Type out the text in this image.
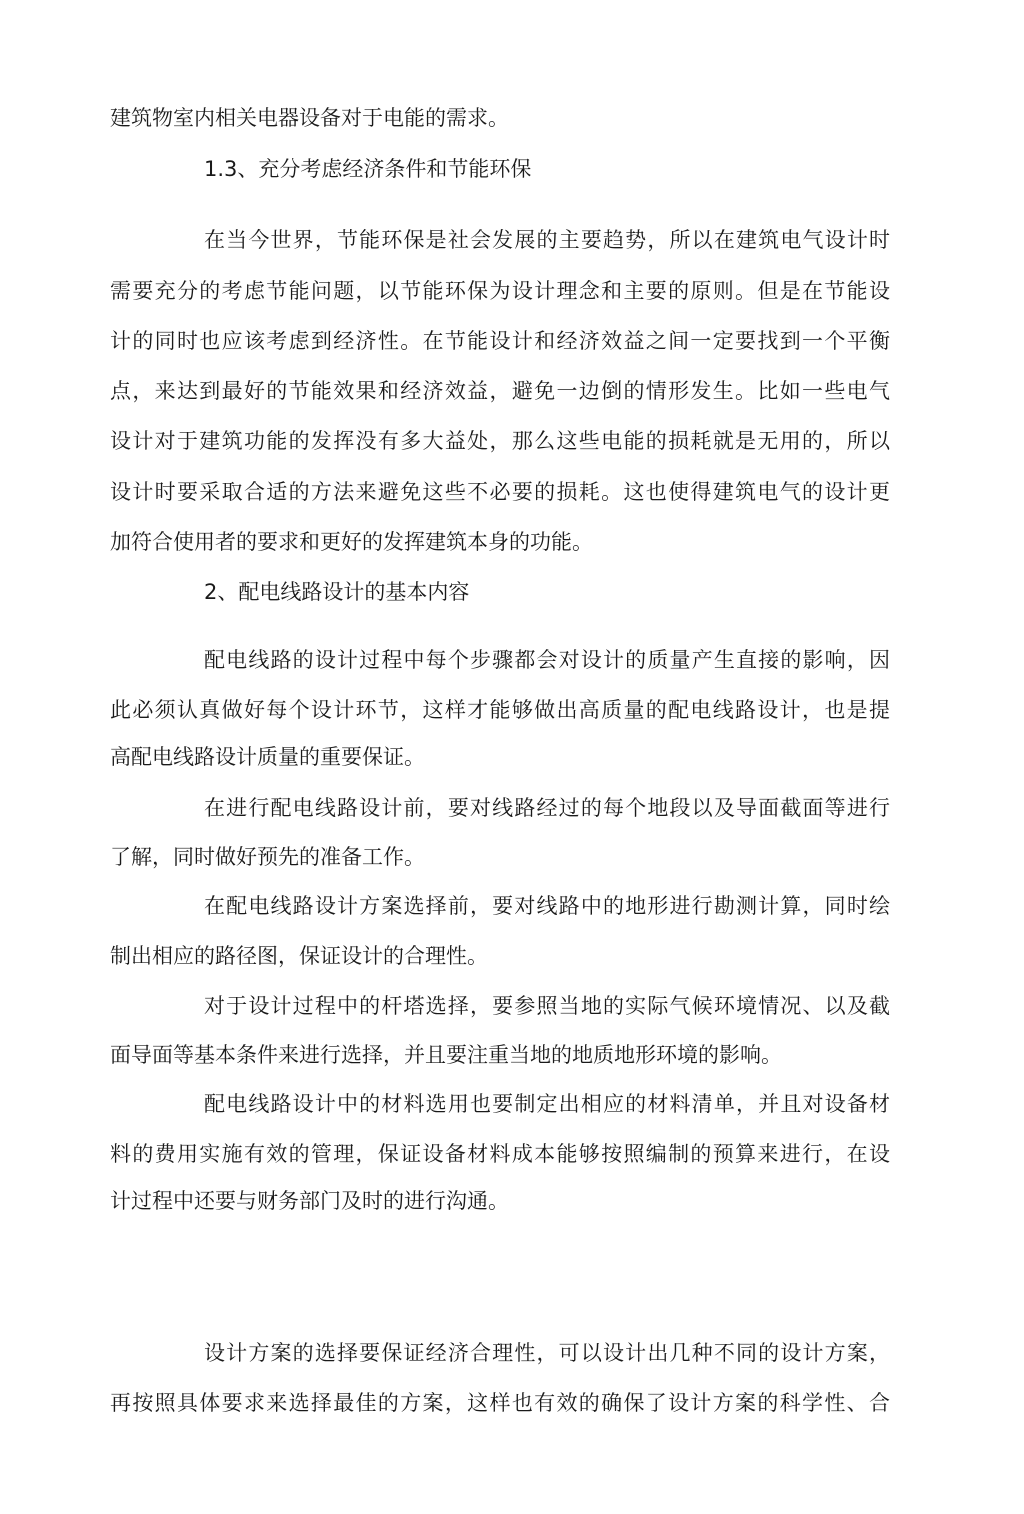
建筑物室内相关电器设备对于电能的需求。

1.3、充分考虑经济条件和节能环保

在当今世界，节能环保是社会发展的主要趋势，所以在建筑电气设计时

需要充分的考虑节能问题，以节能环保为设计理念和主要的原则。但是在节能设

计的同时也应该考虑到经济性。在节能设计和经济效益之间一定要找到一个平衡

点，来达到最好的节能效果和经济效益，避免一边倒的情形发生。比如一些电气

设计对于建筑功能的发挥没有多大益处，那么这些电能的损耗就是无用的，所以

设计时要采取合适的方法来避免这些不必要的损耗。这也使得建筑电气的设计更

加符合使用者的要求和更好的发挥建筑本身的功能。

2、配电线路设计的基本内容

配电线路的设计过程中每个步骤都会对设计的质量产生直接的影响，因

此必须认真做好每个设计环节，这样才能够做出高质量的配电线路设计，也是提

高配电线路设计质量的重要保证。

在进行配电线路设计前，要对线路经过的每个地段以及导面截面等进行

了解，同时做好预先的准备工作。

在配电线路设计方案选择前，要对线路中的地形进行勘测计算，同时绘

制出相应的路径图，保证设计的合理性。

对于设计过程中的杆塔选择，要参照当地的实际气候环境情况、以及截

面导面等基本条件来进行选择，并且要注重当地的地质地形环境的影响。

配电线路设计中的材料选用也要制定出相应的材料清单，并且对设备材

料的费用实施有效的管理，保证设备材料成本能够按照编制的预算来进行，在设

计过程中还要与财务部门及时的进行沟通。

设计方案的选择要保证经济合理性，可以设计出几种不同的设计方案，

再按照具体要求来选择最佳的方案，这样也有效的确保了设计方案的科学性、合
